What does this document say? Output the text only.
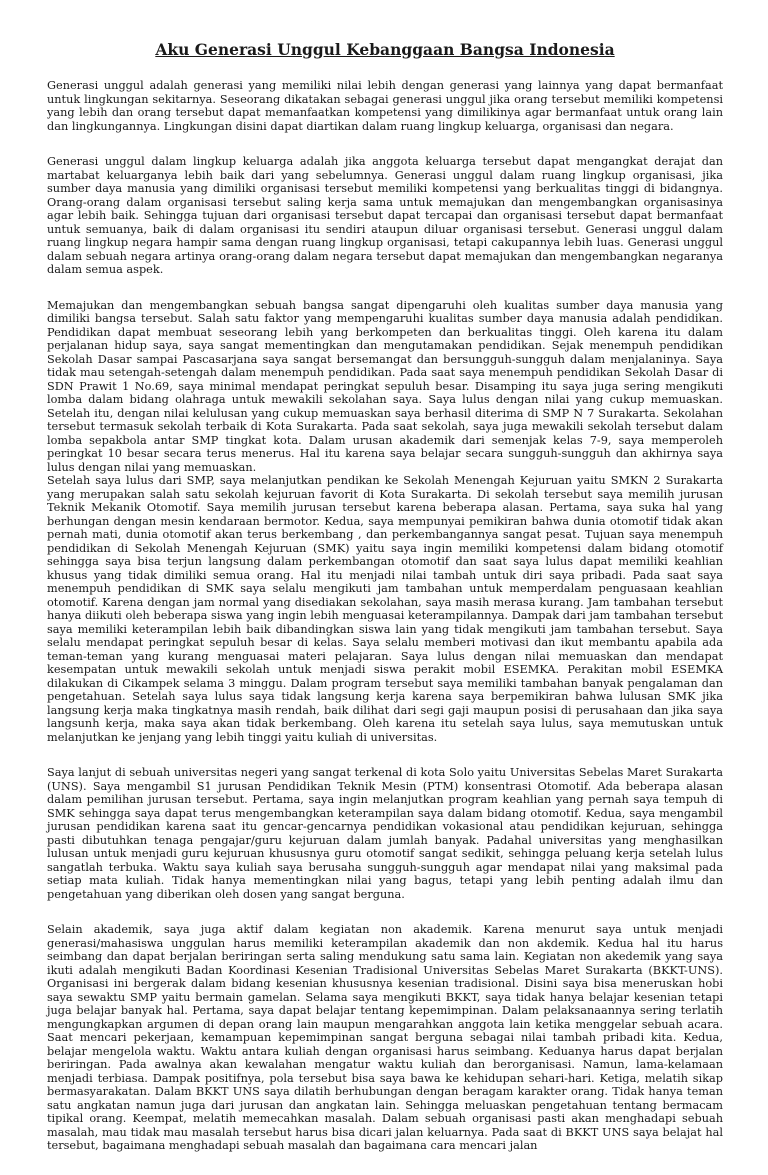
Aku Generasi Unggul Kebanggaan Bangsa Indonesia

Generasi unggul adalah generasi yang memiliki nilai lebih dengan generasi yang lainnya yang dapat bermanfaat untuk lingkungan sekitarnya. Seseorang dikatakan sebagai generasi unggul jika orang tersebut memiliki kompetensi yang lebih dan orang tersebut dapat memanfaatkan kompetensi yang dimilikinya agar bermanfaat untuk orang lain dan lingkungannya. Lingkungan disini dapat diartikan dalam ruang lingkup keluarga, organisasi dan negara.

Generasi unggul dalam lingkup keluarga adalah jika anggota keluarga tersebut dapat mengangkat derajat dan martabat keluarganya lebih baik dari yang sebelumnya. Generasi unggul dalam ruang lingkup organisasi, jika sumber daya manusia yang dimiliki organisasi tersebut memiliki kompetensi yang berkualitas tinggi di bidangnya. Orang-orang dalam organisasi tersebut saling kerja sama untuk memajukan dan mengembangkan organisasinya agar lebih baik. Sehingga tujuan dari organisasi tersebut dapat tercapai dan organisasi tersebut dapat bermanfaat untuk semuanya, baik di dalam organisasi itu sendiri ataupun diluar organisasi tersebut. Generasi unggul dalam ruang lingkup negara hampir sama dengan ruang lingkup organisasi, tetapi cakupannya lebih luas. Generasi unggul dalam sebuah negara artinya orang-orang dalam negara tersebut dapat memajukan dan mengembangkan negaranya dalam semua aspek.

Memajukan dan mengembangkan sebuah bangsa sangat dipengaruhi oleh kualitas sumber daya manusia yang dimiliki bangsa tersebut. Salah satu faktor yang mempengaruhi kualitas sumber daya manusia adalah pendidikan. Pendidikan dapat membuat seseorang lebih yang berkompeten dan berkualitas tinggi. Oleh karena itu dalam perjalanan hidup saya, saya sangat mementingkan dan mengutamakan pendidikan. Sejak menempuh pendidikan Sekolah Dasar sampai Pascasarjana saya sangat bersemangat dan bersungguh-sungguh dalam menjalaninya. Saya tidak mau setengah-setengah dalam menempuh pendidikan. Pada saat saya menempuh pendidikan Sekolah Dasar di SDN Prawit 1 No.69, saya minimal mendapat peringkat sepuluh besar. Disamping itu saya juga sering mengikuti lomba dalam bidang olahraga untuk mewakili sekolahan saya. Saya lulus dengan nilai yang cukup memuaskan. Setelah itu, dengan nilai kelulusan yang cukup memuaskan saya berhasil diterima di SMP N 7 Surakarta. Sekolahan tersebut termasuk sekolah terbaik di Kota Surakarta. Pada saat sekolah, saya juga mewakili sekolah tersebut dalam lomba sepakbola antar SMP tingkat kota. Dalam urusan akademik dari semenjak kelas 7-9, saya memperoleh peringkat 10 besar secara terus menerus. Hal itu karena saya belajar secara sungguh-sungguh dan akhirnya saya lulus dengan nilai yang memuaskan.

Setelah saya lulus dari SMP, saya melanjutkan pendikan ke Sekolah Menengah Kejuruan yaitu SMKN 2 Surakarta yang merupakan salah satu sekolah kejuruan favorit di Kota Surakarta. Di sekolah tersebut saya memilih jurusan Teknik Mekanik Otomotif. Saya memilih jurusan tersebut karena beberapa alasan. Pertama, saya suka hal yang berhungan dengan mesin kendaraan bermotor. Kedua, saya mempunyai pemikiran bahwa dunia otomotif tidak akan pernah mati, dunia otomotif akan terus berkembang , dan perkembangannya sangat pesat. Tujuan saya menempuh pendidikan di Sekolah Menengah Kejuruan (SMK) yaitu saya ingin memiliki kompetensi dalam bidang otomotif sehingga saya bisa terjun langsung dalam perkembangan otomotif dan saat saya lulus dapat memiliki keahlian khusus yang tidak dimiliki semua orang. Hal itu menjadi nilai tambah untuk diri saya pribadi. Pada saat saya menempuh pendidikan di SMK saya selalu mengikuti jam tambahan untuk memperdalam penguasaan keahlian otomotif. Karena dengan jam normal yang disediakan sekolahan, saya masih merasa kurang. Jam tambahan tersebut hanya diikuti oleh beberapa siswa yang ingin lebih menguasai keterampilannya. Dampak dari jam tambahan tersebut saya memiliki keterampilan lebih baik dibandingkan siswa lain yang tidak mengikuti jam tambahan tersebut. Saya selalu mendapat peringkat sepuluh besar di kelas. Saya selalu memberi motivasi dan ikut membantu apabila ada teman-teman yang kurang menguasai materi pelajaran. Saya lulus dengan nilai memuaskan dan mendapat kesempatan untuk mewakili sekolah untuk menjadi siswa perakit mobil ESEMKA. Perakitan mobil ESEMKA dilakukan di Cikampek selama 3 minggu. Dalam program tersebut saya memiliki tambahan banyak pengalaman dan pengetahuan. Setelah saya lulus saya tidak langsung kerja karena saya berpemikiran bahwa lulusan SMK jika langsung kerja maka tingkatnya masih rendah, baik dilihat dari segi gaji maupun posisi di perusahaan dan jika saya langsunh kerja, maka saya akan tidak berkembang. Oleh karena itu setelah saya lulus, saya memutuskan untuk melanjutkan ke jenjang yang lebih tinggi yaitu kuliah di universitas.

Saya lanjut di sebuah universitas negeri yang sangat terkenal di kota Solo yaitu Universitas Sebelas Maret Surakarta (UNS). Saya mengambil S1 jurusan Pendidikan Teknik Mesin (PTM) konsentrasi Otomotif. Ada beberapa alasan dalam pemilihan jurusan tersebut. Pertama, saya ingin melanjutkan program keahlian yang pernah saya tempuh di SMK sehingga saya dapat terus mengembangkan keterampilan saya dalam bidang otomotif. Kedua, saya mengambil jurusan pendidikan karena saat itu gencar-gencarnya pendidikan vokasional atau pendidikan kejuruan, sehingga pasti dibutuhkan tenaga pengajar/guru kejuruan dalam jumlah banyak. Padahal universitas yang menghasilkan lulusan untuk menjadi guru kejuruan khususnya guru otomotif sangat sedikit, sehingga peluang kerja setelah lulus sangatlah terbuka. Waktu saya kuliah saya berusaha sungguh-sungguh agar mendapat nilai yang maksimal pada setiap mata kuliah. Tidak hanya mementingkan nilai yang bagus, tetapi yang lebih penting adalah ilmu dan pengetahuan yang diberikan oleh dosen yang sangat berguna.

Selain akademik, saya juga aktif dalam kegiatan non akademik. Karena menurut saya untuk menjadi generasi/mahasiswa unggulan harus memiliki keterampilan akademik dan non akdemik. Kedua hal itu harus seimbang dan dapat berjalan beriringan serta saling mendukung satu sama lain. Kegiatan non akedemik yang saya ikuti adalah mengikuti Badan Koordinasi Kesenian Tradisional Universitas Sebelas Maret Surakarta (BKKT-UNS). Organisasi ini bergerak dalam bidang kesenian khususnya kesenian tradisional. Disini saya bisa meneruskan hobi saya sewaktu SMP yaitu bermain gamelan. Selama saya mengikuti BKKT, saya tidak hanya belajar kesenian tetapi juga belajar banyak hal. Pertama, saya dapat belajar tentang kepemimpinan. Dalam pelaksanaannya sering terlatih mengungkapkan argumen di depan orang lain maupun mengarahkan anggota lain ketika menggelar sebuah acara. Saat mencari pekerjaan, kemampuan kepemimpinan sangat berguna sebagai nilai tambah pribadi kita. Kedua, belajar mengelola waktu. Waktu antara kuliah dengan organisasi harus seimbang. Keduanya harus dapat berjalan beriringan. Pada awalnya akan kewalahan mengatur waktu kuliah dan berorganisasi. Namun, lama-kelamaan menjadi terbiasa. Dampak positifnya, pola tersebut bisa saya bawa ke kehidupan sehari-hari. Ketiga, melatih sikap bermasyarakatan. Dalam BKKT UNS saya dilatih berhubungan dengan beragam karakter orang. Tidak hanya teman satu angkatan namun juga dari jurusan dan angkatan lain. Sehingga meluaskan pengetahuan tentang bermacam tipikal orang. Keempat, melatih memecahkan masalah. Dalam sebuah organisasi pasti akan menghadapi sebuah masalah, mau tidak mau masalah tersebut harus bisa dicari jalan keluarnya. Pada saat di BKKT UNS saya belajat hal tersebut, bagaimana menghadapi sebuah masalah dan bagaimana cara mencari jalan
